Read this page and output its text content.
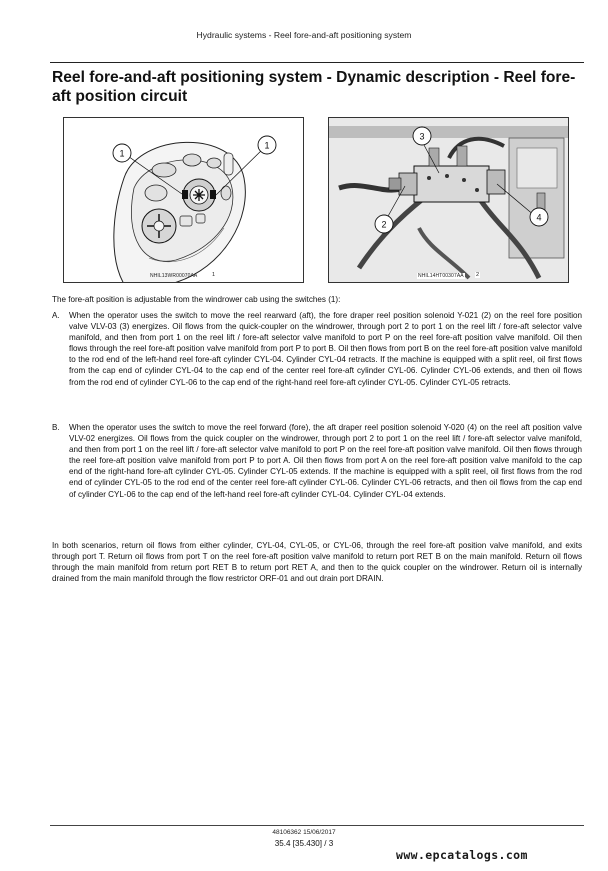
Hydraulic systems - Reel fore-and-aft positioning system
Reel fore-and-aft positioning system - Dynamic description - Reel fore-aft position circuit
1
1
NHIL13WR00070AA	1
3
2
4
NHIL14HT00307AA 2

The fore-aft position is adjustable from the windrower cab using the switches (1):

A.	When the operator uses the switch to move the reel rearward (aft), the fore draper reel position solenoid Y-021 (2) on the reel fore position valve VLV-03 (3) energizes. Oil flows from the quick-coupler on the windrower, through port 2 to port 1 on the reel lift / fore-aft selector valve manifold, and then from port 1 on the reel lift / fore-aft selector valve manifold to port P on the reel fore-aft position valve manifold. Oil then flows through the reel fore-aft position valve manifold from port P to port B. Oil then flows from port B on the reel fore-aft position valve manifold to the rod end of the left-hand reel fore-aft cylinder CYL-04. Cylinder CYL-04 retracts. If the machine is equipped with a split reel, oil first flows from the cap end of cylinder CYL-04 to the cap end of the center reel fore-aft cylinder CYL-06. Cylinder CYL-06 extends, and then oil flows from the rod end of cylinder CYL-06 to the cap end of the right-hand reel fore-aft cylinder CYL-05. Cylinder CYL-05 retracts.

B.	When the operator uses the switch to move the reel forward (fore), the aft draper reel position solenoid Y-020 (4) on the reel aft position valve VLV-02 energizes. Oil flows from the quick coupler on the windrower, through port 2 to port 1 on the reel lift / fore-aft selector valve manifold, and then from port 1 on the reel lift / fore-aft selector valve manifold to port P on the reel fore-aft position valve manifold. Oil then flows through the reel fore-aft position valve manifold from port P to port A. Oil then flows from port A on the reel fore-aft position valve manifold to the cap end of the right-hand fore-aft cylinder CYL-05. Cylinder CYL-05 extends. If the machine is equipped with a split reel, oil first flows from the rod end of cylinder CYL-05 to the rod end of the center reel fore-aft cylinder CYL-06. Cylinder CYL-06 retracts, and then oil flows from the cap end of cylinder CYL-06 to the cap end of the left-hand reel fore-aft cylinder CYL-04. Cylinder CYL-04 extends.

In both scenarios, return oil flows from either cylinder, CYL-04, CYL-05, or CYL-06, through the reel fore-aft position valve manifold, and exits through port T. Return oil flows from port T on the reel fore-aft position valve manifold to return port RET B on the main manifold. Return oil flows through the main manifold from return port RET B to return port RET A, and then to the quick coupler on the windrower. Return oil is internally drained from the main manifold through the flow restrictor ORF-01 and out drain port DRAIN.

48106362 15/06/2017
35.4 [35.430] / 3
www.epcatalogs.com
